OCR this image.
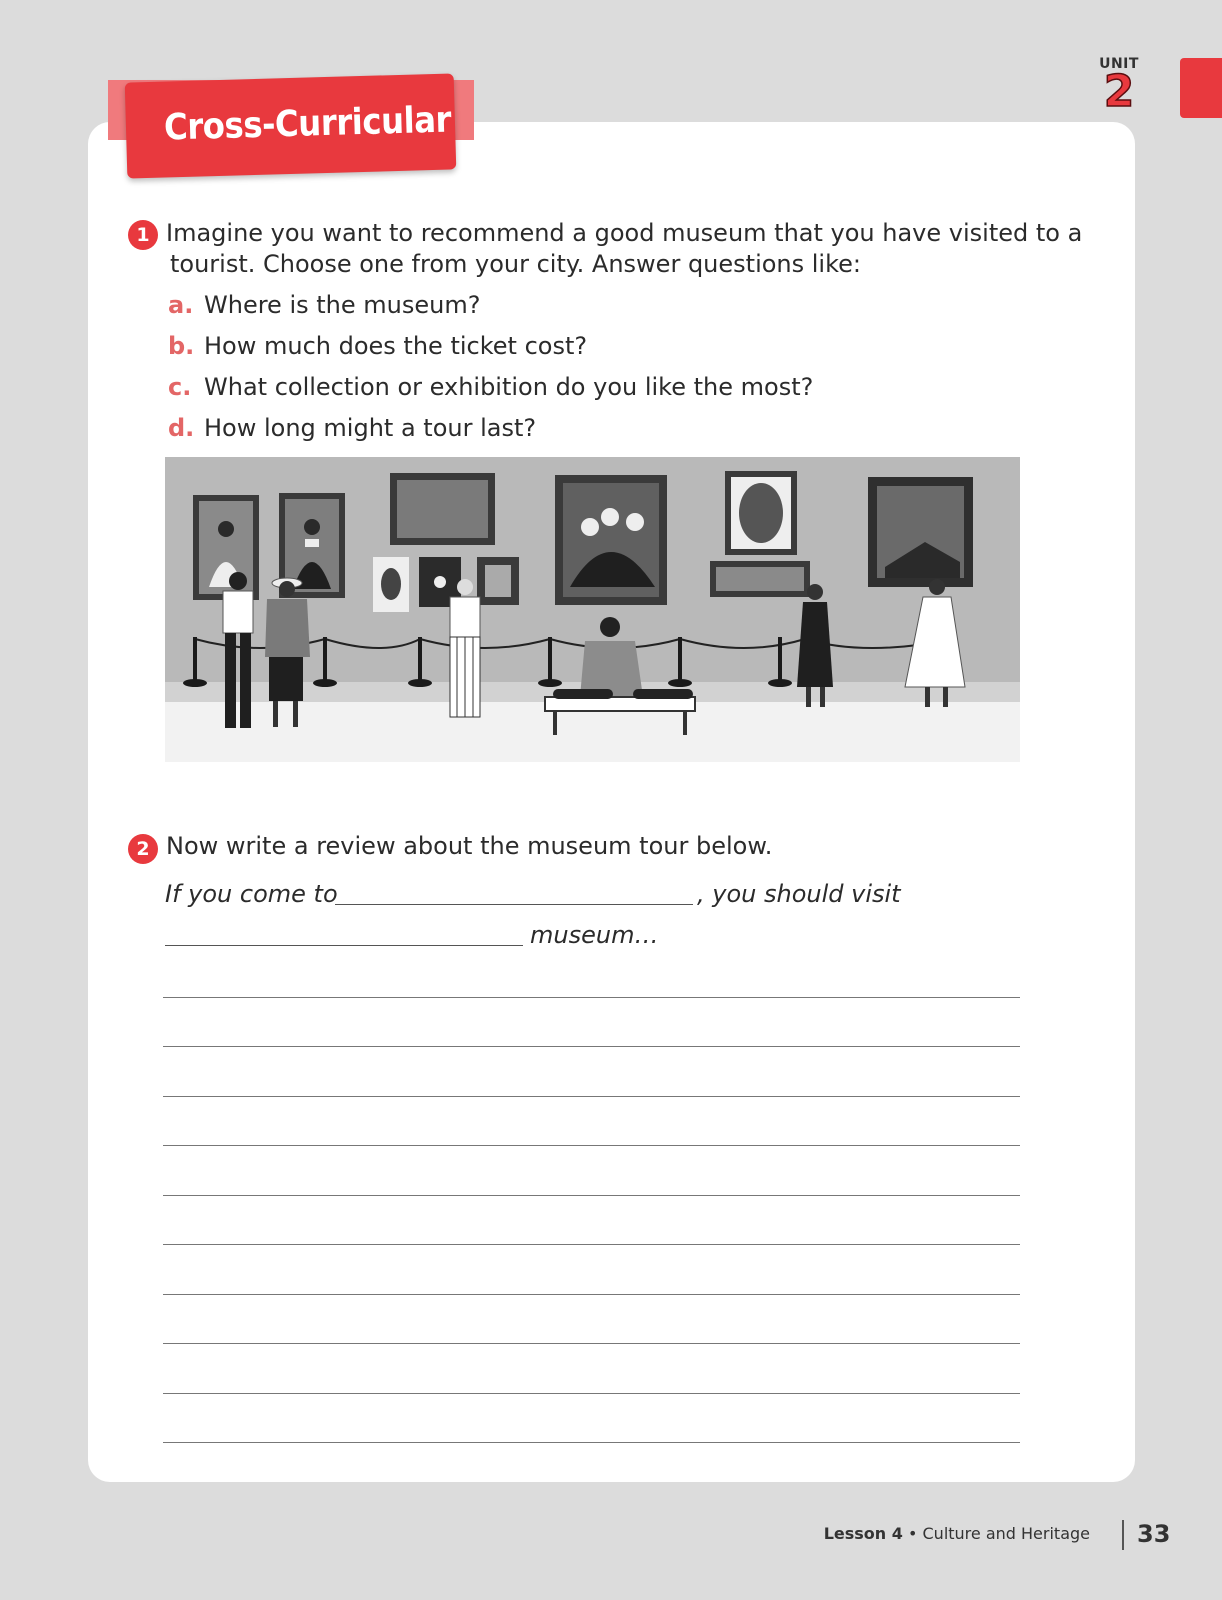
UNIT
2
Cross-Curricular
1 Imagine you want to recommend a good museum that you have visited to a
tourist. Choose one from your city. Answer questions like:
a. Where is the museum?
b. How much does the ticket cost?
c. What collection or exhibition do you like the most?
d. How long might a tour last?
2 Now write a review about the museum tour below.
If you come to	, you should visit
museum…
Lesson 4 • Culture and Heritage 33
